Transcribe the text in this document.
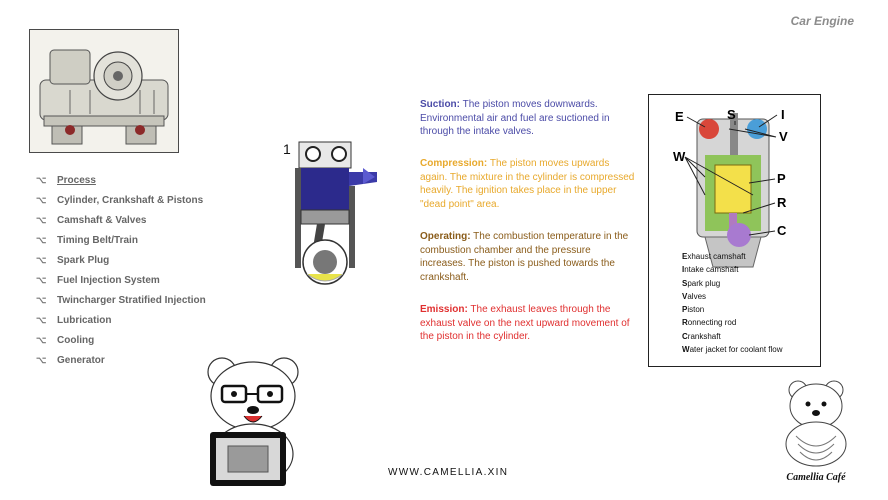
Car Engine
⌥ Process
⌥ Cylinder, Crankshaft & Pistons
⌥ Camshaft & Valves
⌥ Timing Belt/Train
⌥ Spark Plug
⌥ Fuel Injection System
⌥ Twincharger Stratified Injection
⌥ Lubrication
⌥ Cooling
⌥ Generator
1
Suction: The piston moves downwards. Environmental air and fuel are suctioned in through the intake valves.
Compression: The piston moves upwards again. The mixture in the cylinder is compressed heavily. The ignition takes place in the upper "dead point" area.
Operating: The combustion temperature in the combustion chamber and the pressure increases. The piston is pushed towards the crankshaft.
Emission: The exhaust leaves through the exhaust valve on the next upward movement of the piston in the cylinder.
E	S	I
V
W
P
R
C
Exhaust camshaft
Intake camshaft
Spark plug
Valves
Piston
Ronnecting rod
Crankshaft
Water jacket for coolant flow
WWW.CAMELLIA.XIN	Camellia Café
